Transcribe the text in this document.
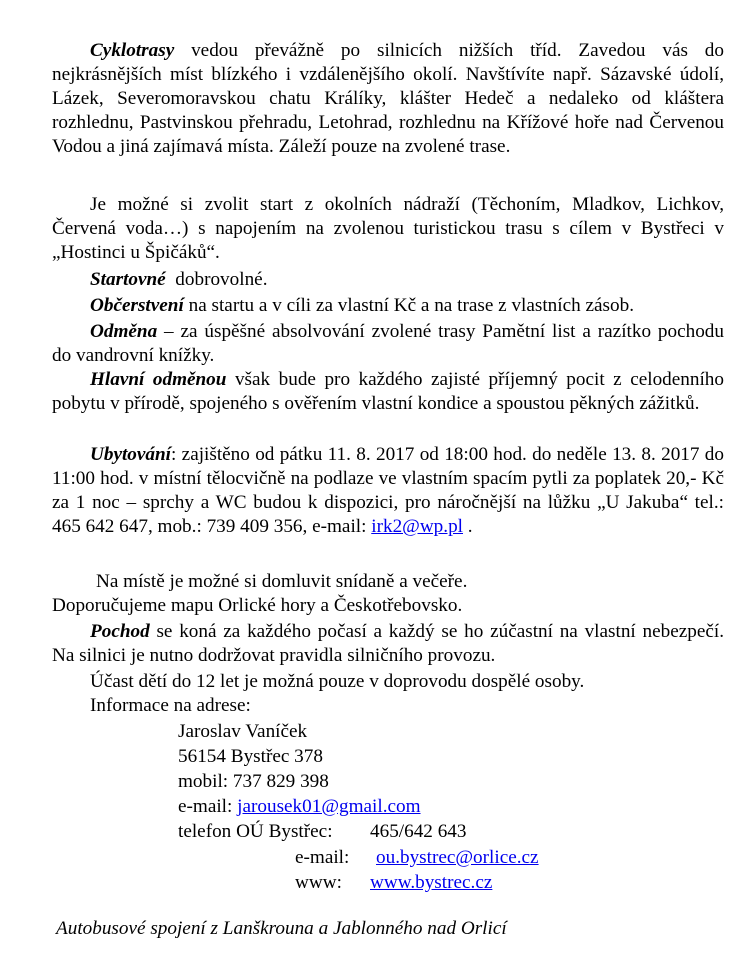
Cyklotrasy vedou převážně po silnicích nižších tříd. Zavedou vás do nejkrásnějších míst blízkého i vzdálenějšího okolí. Navštívíte např. Sázavské údolí, Lázek, Severomoravskou chatu Králíky, klášter Hedeč a nedaleko od kláštera rozhlednu, Pastvinskou přehradu, Letohrad, rozhlednu na Křížové hoře nad Červenou Vodou a jiná zajímavá místa. Záleží pouze na zvolené trase.

Je možné si zvolit start z okolních nádraží (Těchoním, Mladkov, Lichkov, Červená voda…) s napojením na zvolenou turistickou trasu s cílem v Bystřeci v „Hostinci u Špičáků“.

Startovné  dobrovolné.

Občerstvení na startu a v cíli za vlastní Kč a na trase z vlastních zásob.

Odměna – za úspěšné absolvování zvolené trasy Pamětní list a razítko pochodu do vandrovní knížky.

Hlavní odměnou však bude pro každého zajisté příjemný pocit z celodenního pobytu v přírodě, spojeného s ověřením vlastní kondice a spoustou pěkných zážitků.

Ubytování: zajištěno od pátku 11. 8. 2017 od 18:00 hod. do neděle 13. 8. 2017 do 11:00 hod. v místní tělocvičně na podlaze ve vlastním spacím pytli za poplatek 20,- Kč za 1 noc – sprchy a WC budou k dispozici, pro náročnější na lůžku „U Jakuba“ tel.: 465 642 647, mob.: 739 409 356, e-mail: irk2@wp.pl .

Na místě je možné si domluvit snídaně a večeře.

Doporučujeme mapu Orlické hory a Českotřebovsko.

Pochod se koná za každého počasí a každý se ho zúčastní na vlastní nebezpečí. Na silnici je nutno dodržovat pravidla silničního provozu.

Účast dětí do 12 let je možná pouze v doprovodu dospělé osoby.

Informace na adrese:

Jaroslav Vaníček

56154 Bystřec 378

mobil: 737 829 398

e-mail: jarousek01@gmail.com

telefon OÚ Bystřec: 465/642 643

e-mail: ou.bystrec@orlice.cz

www: www.bystrec.cz

Autobusové spojení z Lanškrouna a Jablonného nad Orlicí
